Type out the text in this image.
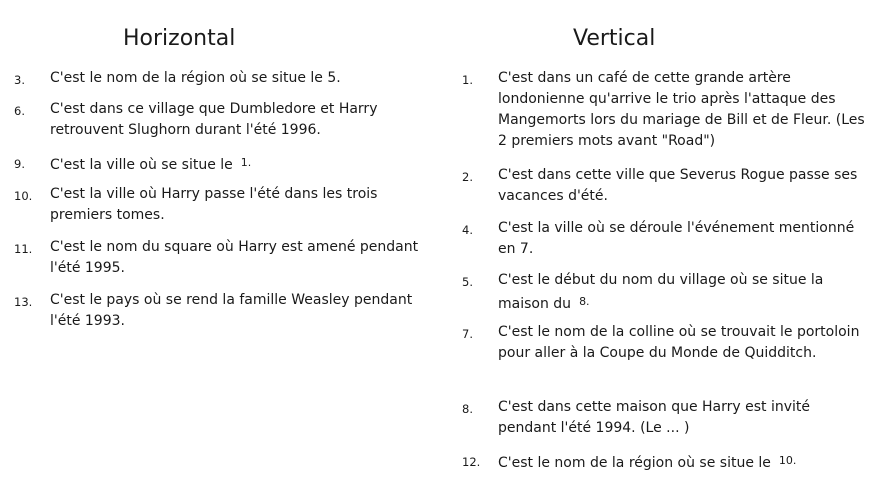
Horizontal
3.	C'est le nom de la région où se situe le 5.
6.	C'est dans ce village que Dumbledore et Harry retrouvent Slughorn durant l'été 1996.
9.	C'est la ville où se situe le $^{1.}$
10.	C'est la ville où Harry passe l'été dans les trois premiers tomes.
11.	C'est le nom du square où Harry est amené pendant l'été 1995.
13.	C'est le pays où se rend la famille Weasley pendant l'été 1993.
Vertical
1.	C'est dans un café de cette grande artère londonienne qu'arrive le trio après l'attaque des Mangemorts lors du mariage de Bill et de Fleur. (Les 2 premiers mots avant "Road")
2.	C'est dans cette ville que Severus Rogue passe ses vacances d'été.
4.	C'est la ville où se déroule l'événement mentionné en 7.
5.	C'est le début du nom du village où se situe la maison du $^{8.}$
7.	C'est le nom de la colline où se trouvait le portoloin pour aller à la Coupe du Monde de Quidditch.
8.	C'est dans cette maison que Harry est invité pendant l'été 1994. (Le ... )
12.	C'est le nom de la région où se situe le $^{10.}$
